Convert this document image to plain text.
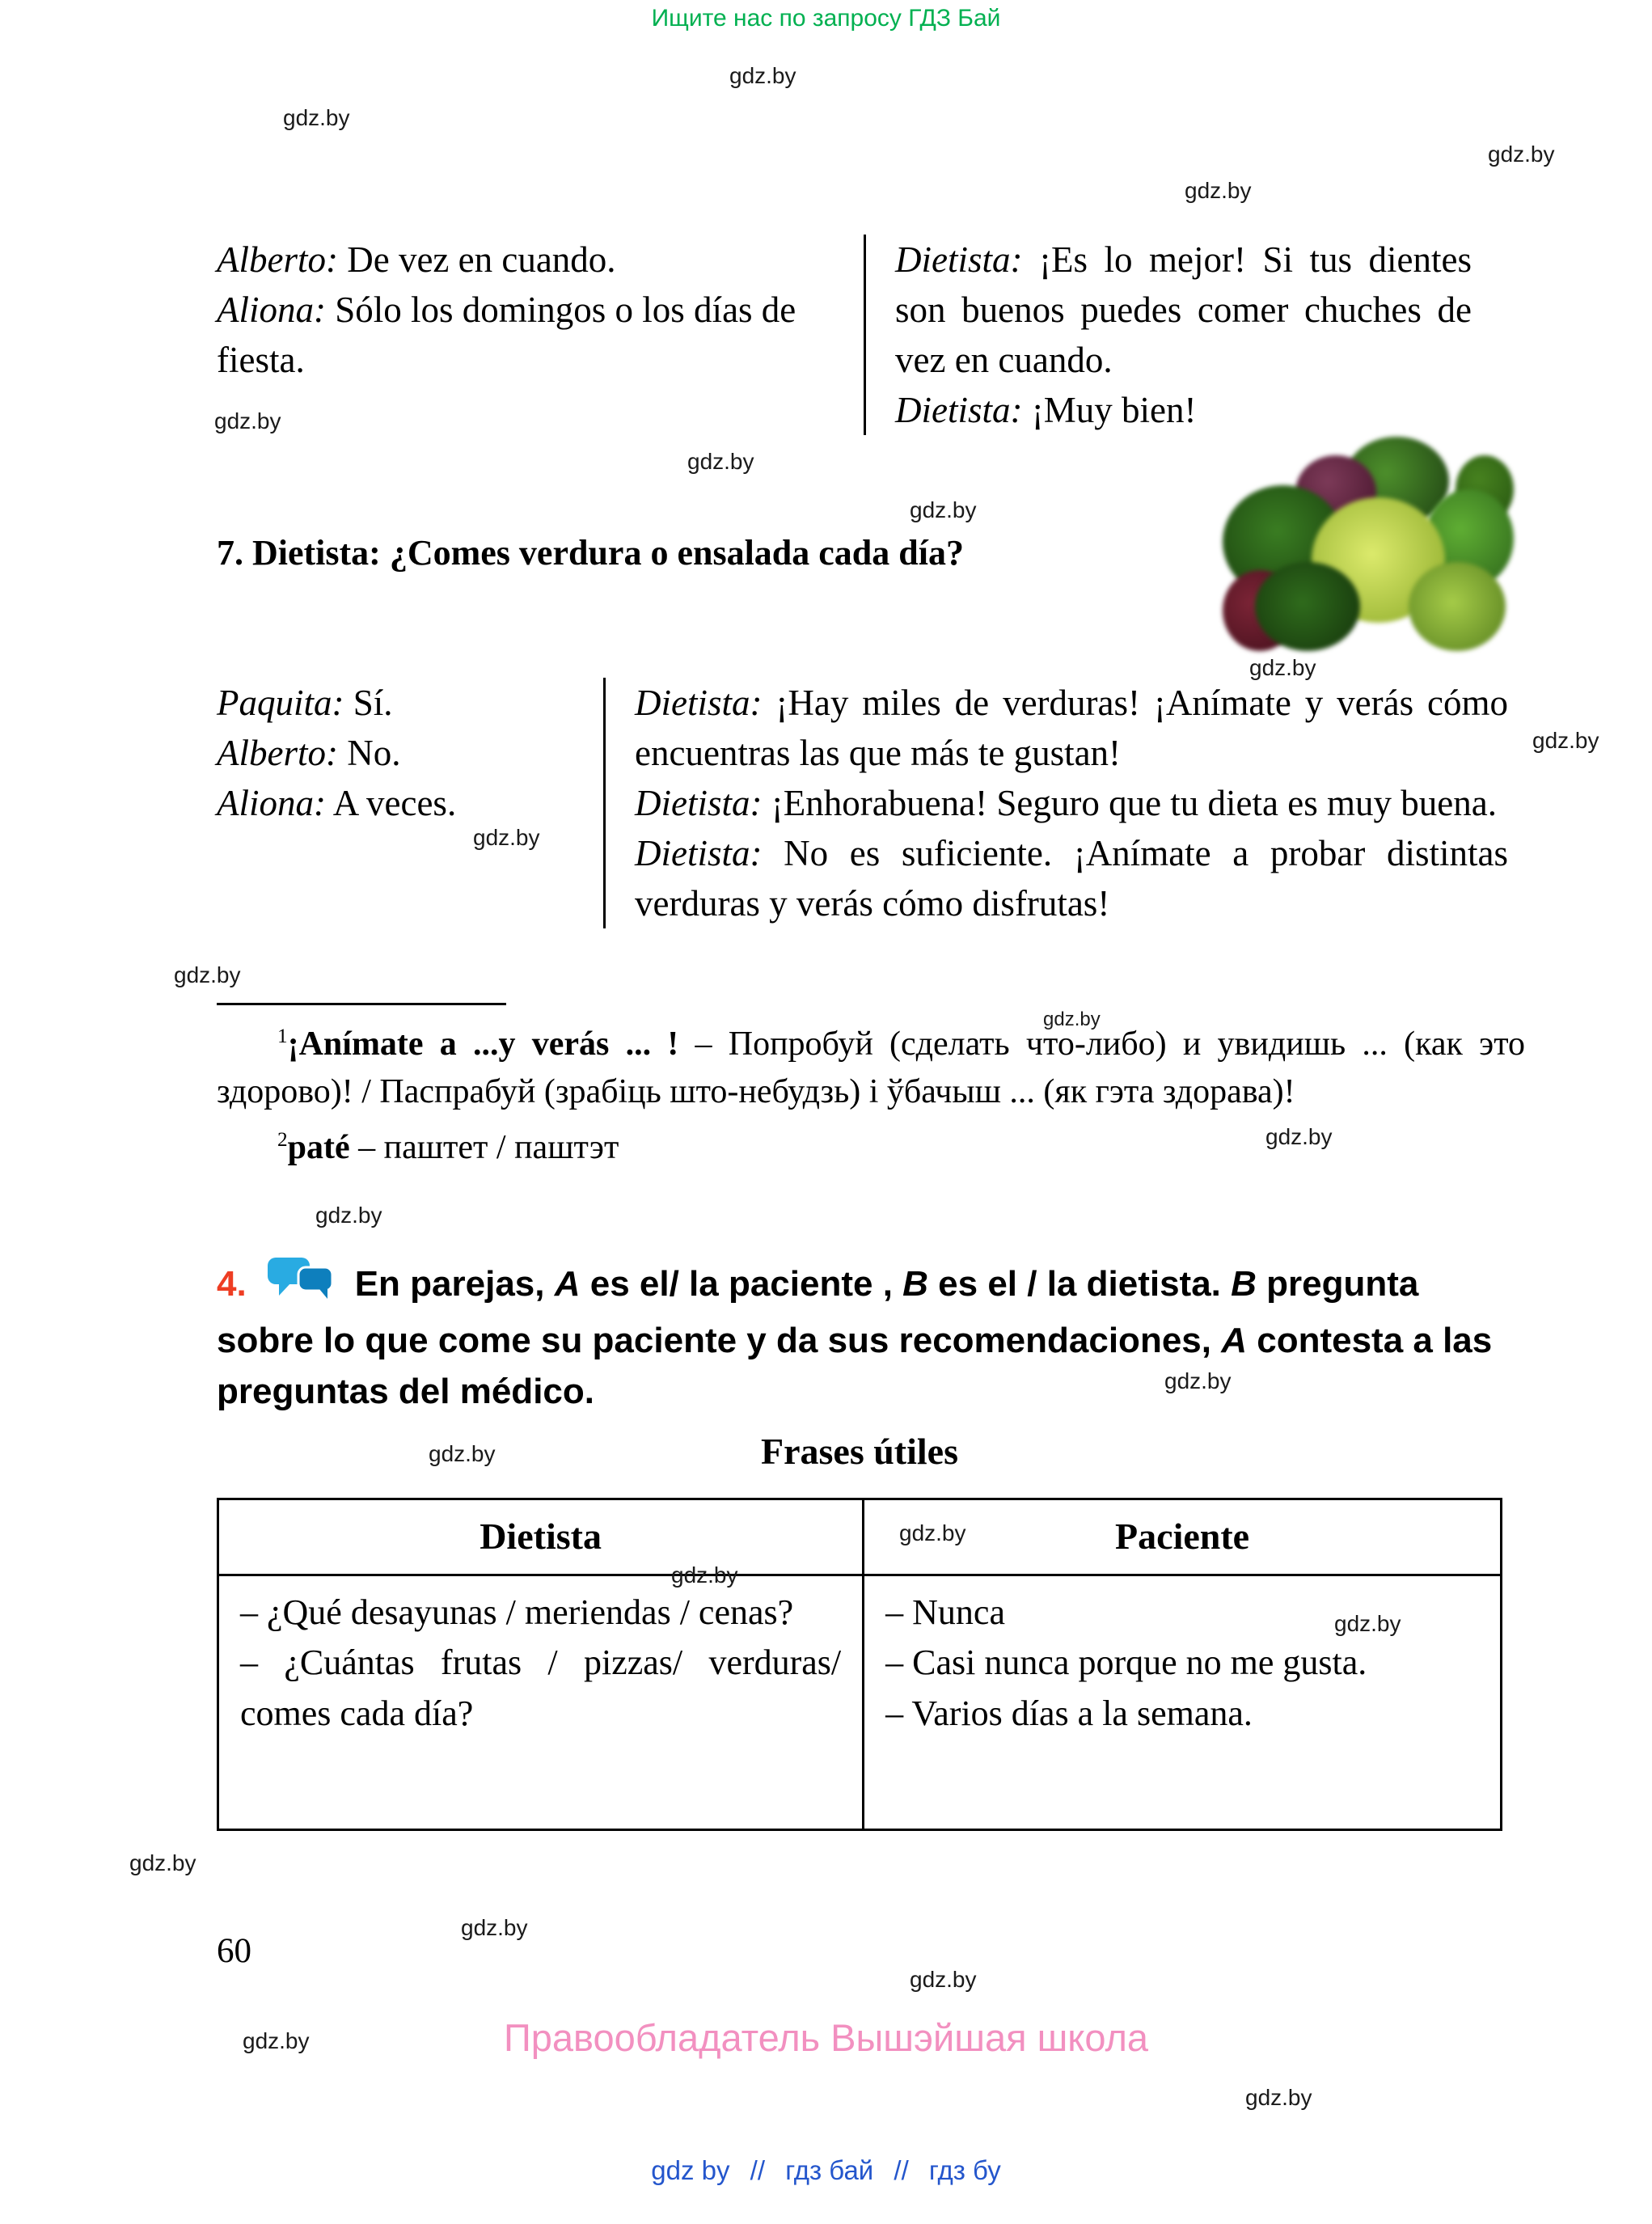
Ищите нас по запросу ГДЗ Бай
gdz.by
gdz.by
gdz.by
gdz.by
gdz.by
gdz.by
gdz.by
gdz.by
gdz.by
gdz.by
gdz.by
gdz.by
gdz.by
gdz.by
gdz.by
gdz.by
gdz.by
gdz.by
gdz.by
gdz.by
gdz.by
gdz.by
gdz.by
gdz.by

Alberto: De vez en cuando.

Aliona: Sólo los domingos o los días de fiesta.

Dietista: ¡Es lo mejor! Si tus dientes son buenos puedes comer chuches de vez en cuando.

Dietista: ¡Muy bien!

7. Dietista: ¿Comes verdura o ensalada cada día?

Paquita: Sí.

Alberto: No.

Aliona: A veces.

Dietista: ¡Hay miles de verduras! ¡Anímate y verás cómo encuentras las que más te gustan!

Dietista: ¡Enhorabuena! Seguro que tu dieta es muy buena.

Dietista: No es suficiente. ¡Anímate a probar distintas verduras y verás cómo disfrutas!

$^1$¡Anímate a ...y verás ... ! – Попробуй (сделать что-либо) и увидишь ... (как это здорово)! / Паспрабуй (зрабіць што-небудзь) і ўбачыш ... (як гэта здорава)!

$^2$paté – паштет / паштэт

4.	En parejas, A es el/ la paciente , B es el / la dietista. B pregunta sobre lo que come su paciente y da sus recomendaciones, A contesta a las preguntas del médico.
Frases útiles
Dietista	Paciente

– ¿Qué desayunas / meriendas / cenas?

– ¿Cuántas frutas / pizzas/ verduras/ comes cada día?

– Nunca

– Casi nunca porque no me gusta.

– Varios días a la semana.

60
Правообладатель Вышэйшая школа
gdz by // гдз бай // гдз бу
